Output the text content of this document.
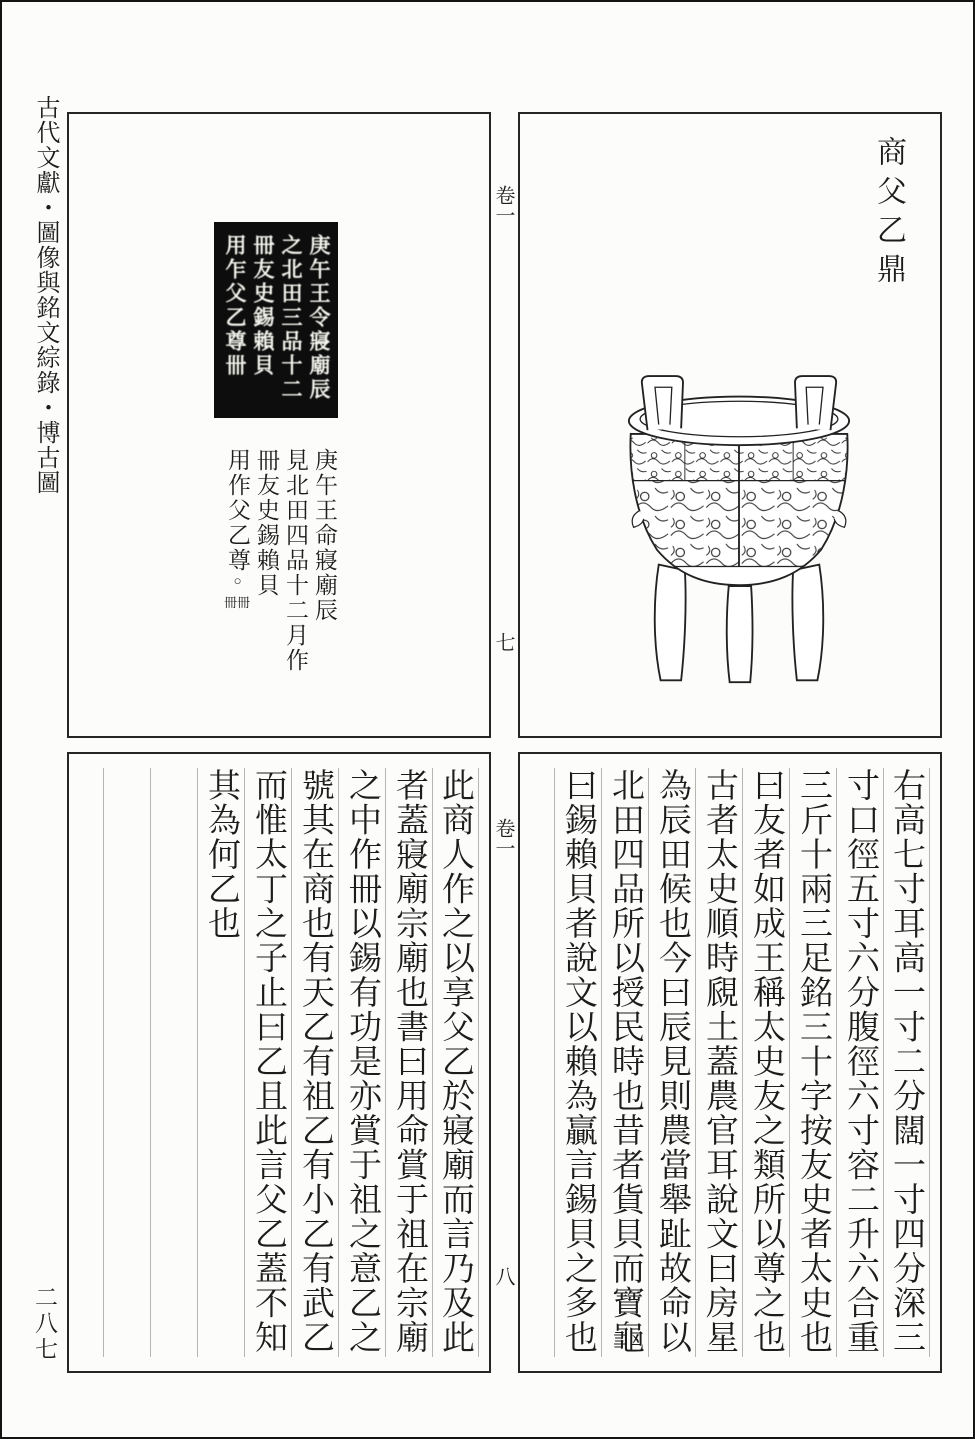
古代文獻・圖像與銘文綜錄・博古圖
二八七
庚午王令寢廟辰
之北田三品十二
冊友史錫賴貝
用乍父乙尊卌
庚午王命寢廟辰
見北田四品十二月作
冊友史錫賴貝
用作父乙尊○冊冊
卷一
七
商父乙鼎
卷一
八
此商人作之以享父乙於寢廟而言乃及此
者蓋寢廟宗廟也書曰用命賞于祖在宗廟
之中作冊以錫有功是亦賞于祖之意乙之
號其在商也有天乙有祖乙有小乙有武乙
而惟太丁之子止曰乙且此言父乙蓋不知
其為何乙也	右高七寸耳高一寸二分闊一寸四分深三
寸口徑五寸六分腹徑六寸容二升六合重
三斤十兩三足銘三十字按友史者太史也
曰友者如成王稱太史友之類所以尊之也
古者太史順時覛土蓋農官耳說文曰房星
為辰田候也今曰辰見則農當舉趾故命以
北田四品所以授民時也昔者貨貝而寶龜
曰錫賴貝者說文以賴為贏言錫貝之多也
